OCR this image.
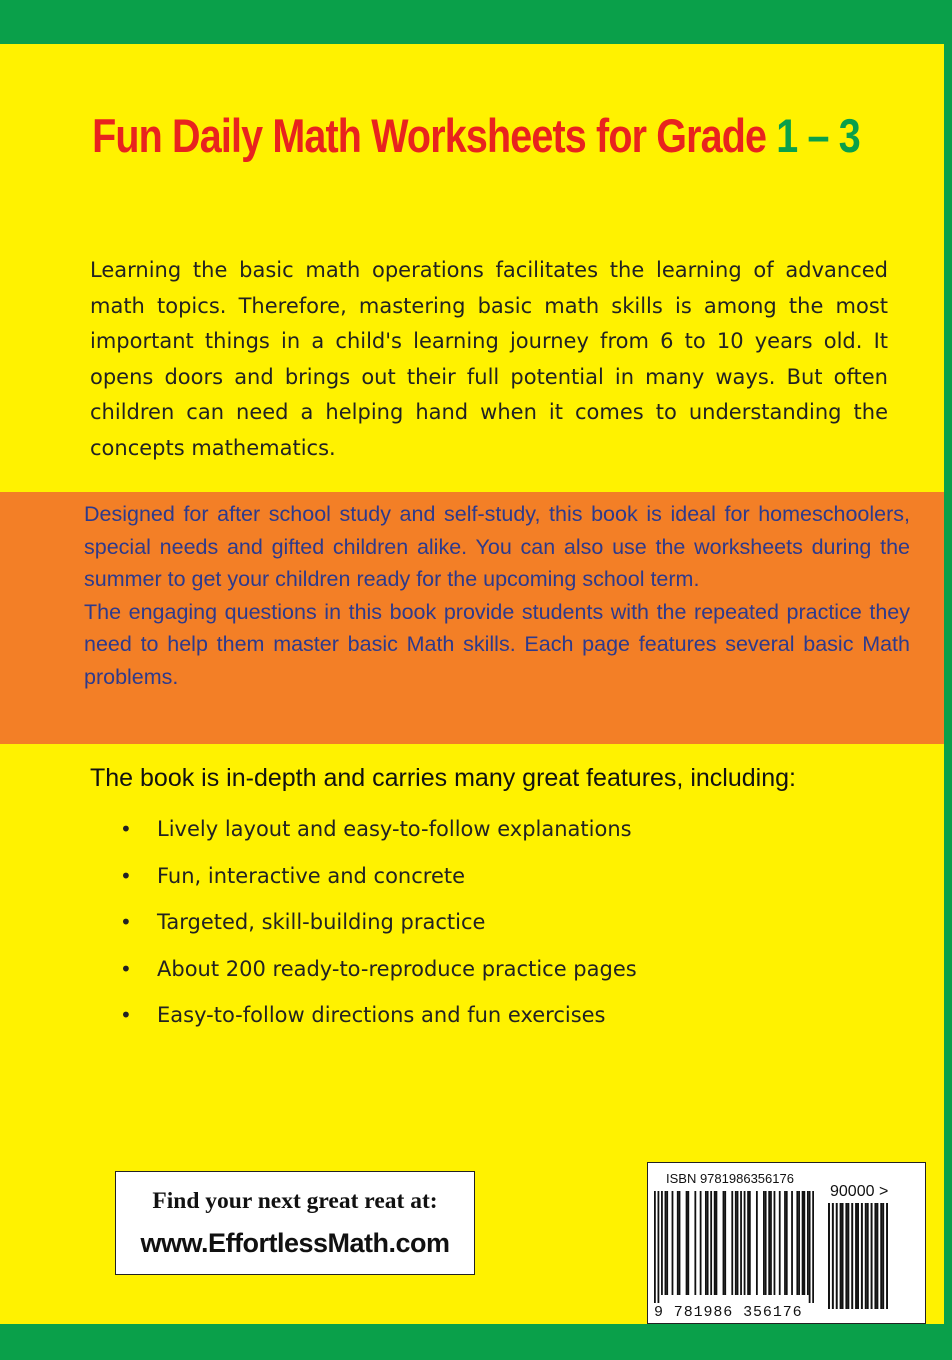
Fun Daily Math Worksheets for Grade 1 – 3
Learning the basic math operations facilitates the learning of advanced math topics. Therefore, mastering basic math skills is among the most important things in a child's learning journey from 6 to 10 years old. It opens doors and brings out their full potential in many ways. But often children can need a helping hand when it comes to understanding the concepts mathematics.

Designed for after school study and self-study, this book is ideal for homeschoolers, special needs and gifted children alike. You can also use the worksheets during the summer to get your children ready for the upcoming school term.

The engaging questions in this book provide students with the repeated practice they need to help them master basic Math skills. Each page features several basic Math problems.

The book is in-depth and carries many great features, including:
•	Lively layout and easy-to-follow explanations
•	Fun, interactive and concrete
•	Targeted, skill-building practice
•	About 200 ready-to-reproduce practice pages
•	Easy-to-follow directions and fun exercises
Find your next great reat at:
www.EffortlessMath.com
ISBN 9781986356176
90000 >
9 781986 356176
